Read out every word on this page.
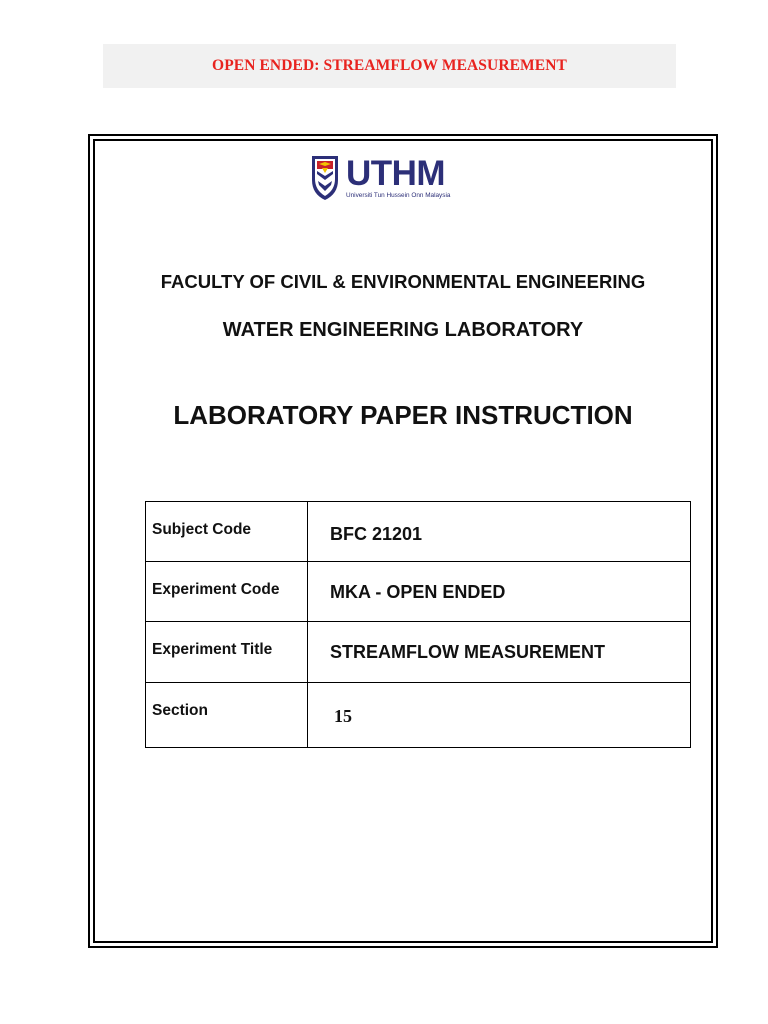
OPEN ENDED: STREAMFLOW MEASUREMENT
UTHM
Universiti Tun Hussein Onn Malaysia
FACULTY OF CIVIL & ENVIRONMENTAL ENGINEERING
WATER ENGINEERING LABORATORY
LABORATORY PAPER INSTRUCTION
Subject Code	BFC 21201
Experiment Code	MKA - OPEN ENDED
Experiment Title	STREAMFLOW MEASUREMENT
Section	15
